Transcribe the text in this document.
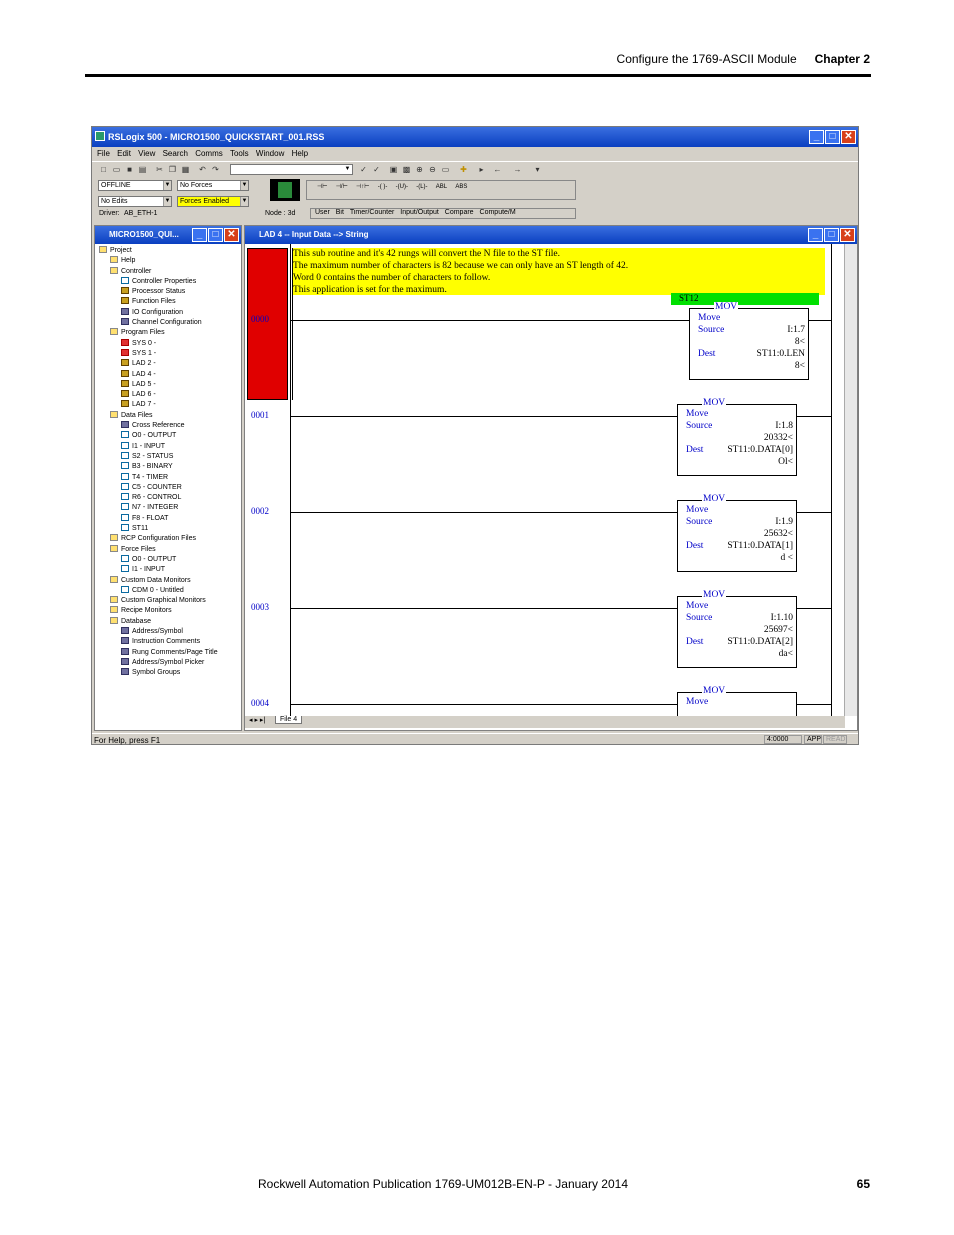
Configure the 1769-ASCII Module Chapter 2
Rockwell Automation Publication 1769-UM012B-EN-P - January 2014	65
RSLogix 500 - MICRO1500_QUICKSTART_001.RSS	_	□ ✕
File Edit View Search Comms Tools Window Help
□ ▭ ■ ▤ ✂ ❐ ▦ ↶ ↷	▼ ✓ ✓ ▣ ▩ ⊕ ⊖ ▭ ✚	▸	← →	▾
OFFLINE	▼	No Forces	▼
No Edits	▼	Forces Enabled ▼
Driver: AB_ETH-1	Node : 3d
⊣⊢ ⊣/⊢ ⊣↑⊢ -( )- -(U)- -(L)- ABL ABS
User Bit Timer/Counter Input/Output Compare Compute/M
MICRO1500_QUI...	_	□ ✕
Project
Help
Controller
Controller Properties
Processor Status
Function Files
IO Configuration
Channel Configuration
Program Files
SYS 0 -
SYS 1 -
LAD 2 -
LAD 4 -
LAD 5 -
LAD 6 -
LAD 7 -
Data Files
Cross Reference
O0 - OUTPUT
I1 - INPUT
S2 - STATUS
B3 - BINARY
T4 - TIMER
C5 - COUNTER
R6 - CONTROL
N7 - INTEGER
F8 - FLOAT
ST11
RCP Configuration Files
Force Files
O0 - OUTPUT
I1 - INPUT
Custom Data Monitors
CDM 0 - Untitled
Custom Graphical Monitors
Recipe Monitors
Database
Address/Symbol
Instruction Comments
Rung Comments/Page Title
Address/Symbol Picker
Symbol Groups
LAD 4 -- Input Data --> String	_	□ ✕
This sub routine and it's 42 rungs will convert the N file to the ST file.
The maximum number of characters is 82 because we can only have an ST length of 42.
Word 0 contains the number of characters to follow.
This application is set for the maximum.
ST12
0000
MOV
Move
Source	I:1.7
8<
Dest	ST11:0.LEN
8<
0001
MOV
Move
Source	I:1.8
20332<
Dest	ST11:0.DATA[0]
Ol<
0002
MOV
Move
Source	I:1.9
25632<
Dest	ST11:0.DATA[1]
d <
0003
MOV
Move
Source	I:1.10
25697<
Dest	ST11:0.DATA[2]
da<
0004
MOV
Move
◂ ▸ ▸|	File 4
For Help, press F1	4:0000	APP READ
